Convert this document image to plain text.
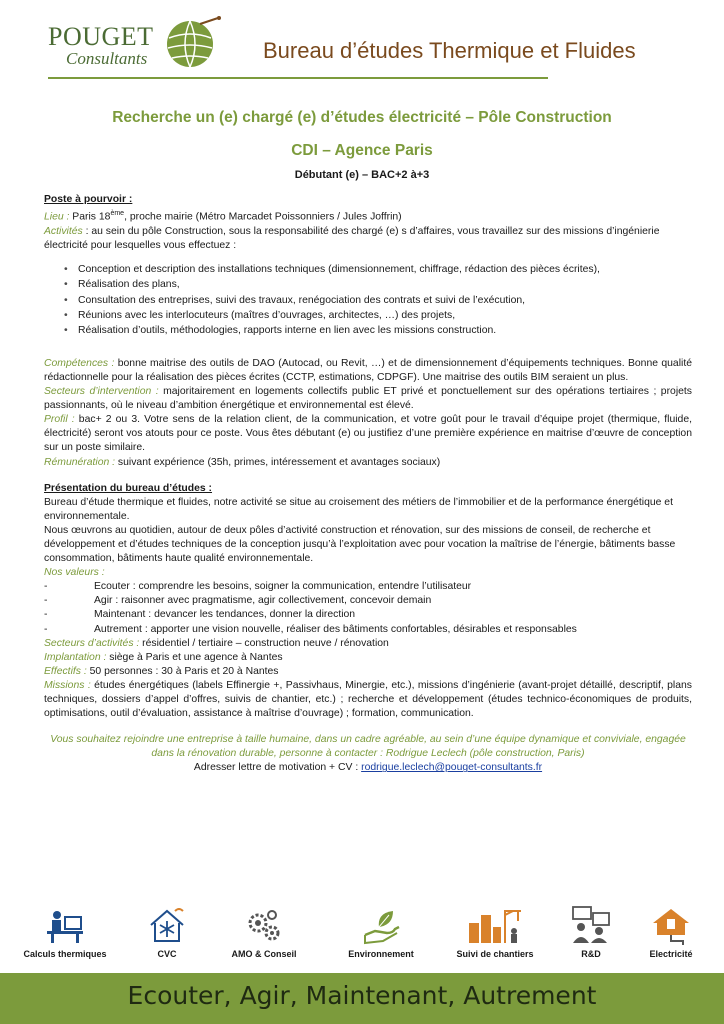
POUGET
Consultants	Bureau d’études Thermique et Fluides
Recherche un (e) chargé (e) d’études électricité – Pôle Construction
CDI – Agence Paris
Débutant (e) – BAC+2 à+3

Poste à pourvoir :

Lieu : Paris 18ème, proche mairie (Métro Marcadet Poissonniers / Jules Joffrin)

Activités : au sein du pôle Construction, sous la responsabilité des chargé (e) s d’affaires, vous travaillez sur des missions d’ingénierie électricité pour lesquelles vous effectuez :

• Conception et description des installations techniques (dimensionnement, chiffrage, rédaction des pièces écrites),
• Réalisation des plans,
• Consultation des entreprises, suivi des travaux, renégociation des contrats et suivi de l’exécution,
• Réunions avec les interlocuteurs (maîtres d’ouvrages, architectes, …) des projets,
• Réalisation d’outils, méthodologies, rapports interne en lien avec les missions construction.

Compétences : bonne maitrise des outils de DAO (Autocad, ou Revit, …) et de dimensionnement d’équipements techniques. Bonne qualité rédactionnelle pour la réalisation des pièces écrites (CCTP, estimations, CDPGF). Une maitrise des outils BIM seraient un plus.

Secteurs d’intervention : majoritairement en logements collectifs public ET privé et ponctuellement sur des opérations tertiaires ; projets passionnants, où le niveau d’ambition énergétique et environnemental est élevé.

Profil : bac+ 2 ou 3. Votre sens de la relation client, de la communication, et votre goût pour le travail d’équipe projet (thermique, fluide, électricité) seront vos atouts pour ce poste. Vous êtes débutant (e) ou justifiez d’une première expérience en maitrise d’œuvre de conception sur un poste similaire.

Rémunération : suivant expérience (35h, primes, intéressement et avantages sociaux)

Présentation du bureau d’études :

Bureau d’étude thermique et fluides, notre activité se situe au croisement des métiers de l’immobilier et de la performance énergétique et environnementale.

Nous œuvrons au quotidien, autour de deux pôles d’activité construction et rénovation, sur des missions de conseil, de recherche et développement et d’études techniques de la conception jusqu’à l’exploitation avec pour vocation la maîtrise de l’énergie, bâtiments basse consommation, bâtiments haute qualité environnementale.

Nos valeurs :

-	Ecouter : comprendre les besoins, soigner la communication, entendre l’utilisateur
-	Agir : raisonner avec pragmatisme, agir collectivement, concevoir demain
-	Maintenant : devancer les tendances, donner la direction
-	Autrement : apporter une vision nouvelle, réaliser des bâtiments confortables, désirables et responsables

Secteurs d’activités : résidentiel / tertiaire – construction neuve / rénovation

Implantation : siège à Paris et une agence à Nantes

Effectifs : 50 personnes : 30 à Paris et 20 à Nantes

Missions : études énergétiques (labels Effinergie +, Passivhaus, Minergie, etc.), missions d’ingénierie (avant-projet détaillé, descriptif, plans techniques, dossiers d’appel d’offres, suivis de chantier, etc.) ; recherche et développement (études technico-économiques de produits, optimisations, outil d’évaluation, assistance à maîtrise d’ouvrage) ; formation, communication.

Vous souhaitez rejoindre une entreprise à taille humaine, dans un cadre agréable, au sein d’une équipe dynamique et conviviale, engagée dans la rénovation durable, personne à contacter : Rodrigue Leclech (pôle construction, Paris)

Adresser lettre de motivation + CV : rodrigue.leclech@pouget-consultants.fr

Calculs thermiques	CVC	AMO & Conseil	Environnement	Suivi de chantiers	R&D	Electricité
Ecouter, Agir, Maintenant, Autrement
